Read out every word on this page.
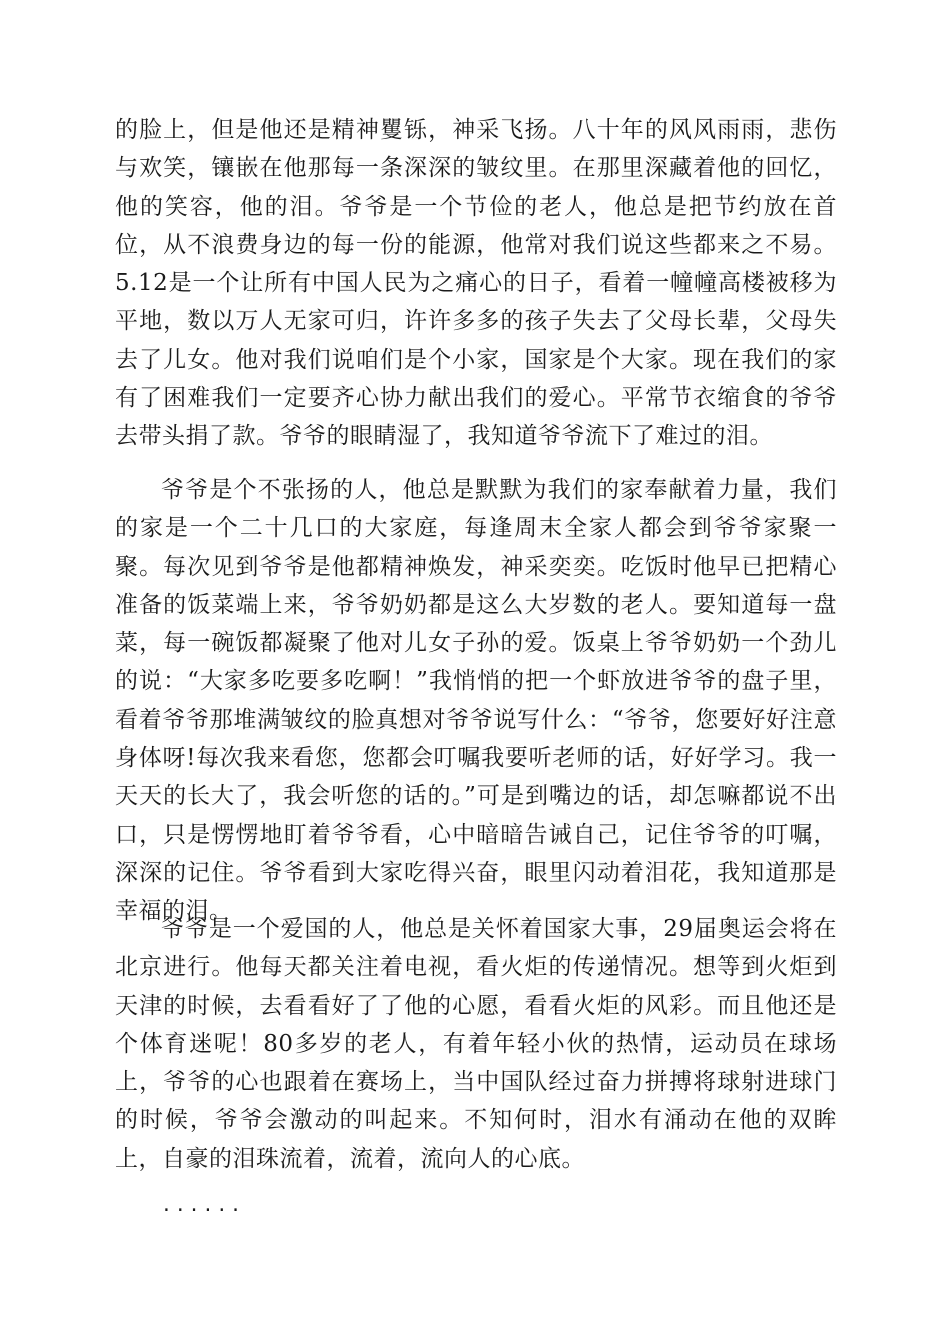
的脸上，但是他还是精神矍铄，神采飞扬。八十年的风风雨雨，悲伤与欢笑，镶嵌在他那每一条深深的皱纹里。在那里深藏着他的回忆，他的笑容，他的泪。爷爷是一个节俭的老人，他总是把节约放在首位，从不浪费身边的每一份的能源，他常对我们说这些都来之不易。5.12是一个让所有中国人民为之痛心的日子，看着一幢幢高楼被移为平地，数以万人无家可归，许许多多的孩子失去了父母长辈，父母失去了儿女。他对我们说咱们是个小家，国家是个大家。现在我们的家有了困难我们一定要齐心协力献出我们的爱心。平常节衣缩食的爷爷去带头捐了款。爷爷的眼睛湿了，我知道爷爷流下了难过的泪。

爷爷是个不张扬的人，他总是默默为我们的家奉献着力量，我们的家是一个二十几口的大家庭，每逢周末全家人都会到爷爷家聚一聚。每次见到爷爷是他都精神焕发，神采奕奕。吃饭时他早已把精心准备的饭菜端上来，爷爷奶奶都是这么大岁数的老人。要知道每一盘菜，每一碗饭都凝聚了他对儿女子孙的爱。饭桌上爷爷奶奶一个劲儿的说：“大家多吃要多吃啊！”我悄悄的把一个虾放进爷爷的盘子里，看着爷爷那堆满皱纹的脸真想对爷爷说写什么：“爷爷，您要好好注意身体呀!每次我来看您，您都会叮嘱我要听老师的话，好好学习。我一天天的长大了，我会听您的话的。”可是到嘴边的话，却怎嘛都说不出口，只是愣愣地盯着爷爷看，心中暗暗告诫自己，记住爷爷的叮嘱，深深的记住。爷爷看到大家吃得兴奋，眼里闪动着泪花，我知道那是幸福的泪。

爷爷是一个爱国的人，他总是关怀着国家大事，29届奥运会将在北京进行。他每天都关注着电视，看火炬的传递情况。想等到火炬到天津的时候，去看看好了了他的心愿，看看火炬的风彩。而且他还是个体育迷呢！80多岁的老人，有着年轻小伙的热情，运动员在球场上，爷爷的心也跟着在赛场上，当中国队经过奋力拼搏将球射进球门的时候，爷爷会激动的叫起来。不知何时，泪水有涌动在他的双眸上，自豪的泪珠流着，流着，流向人的心底。

......
